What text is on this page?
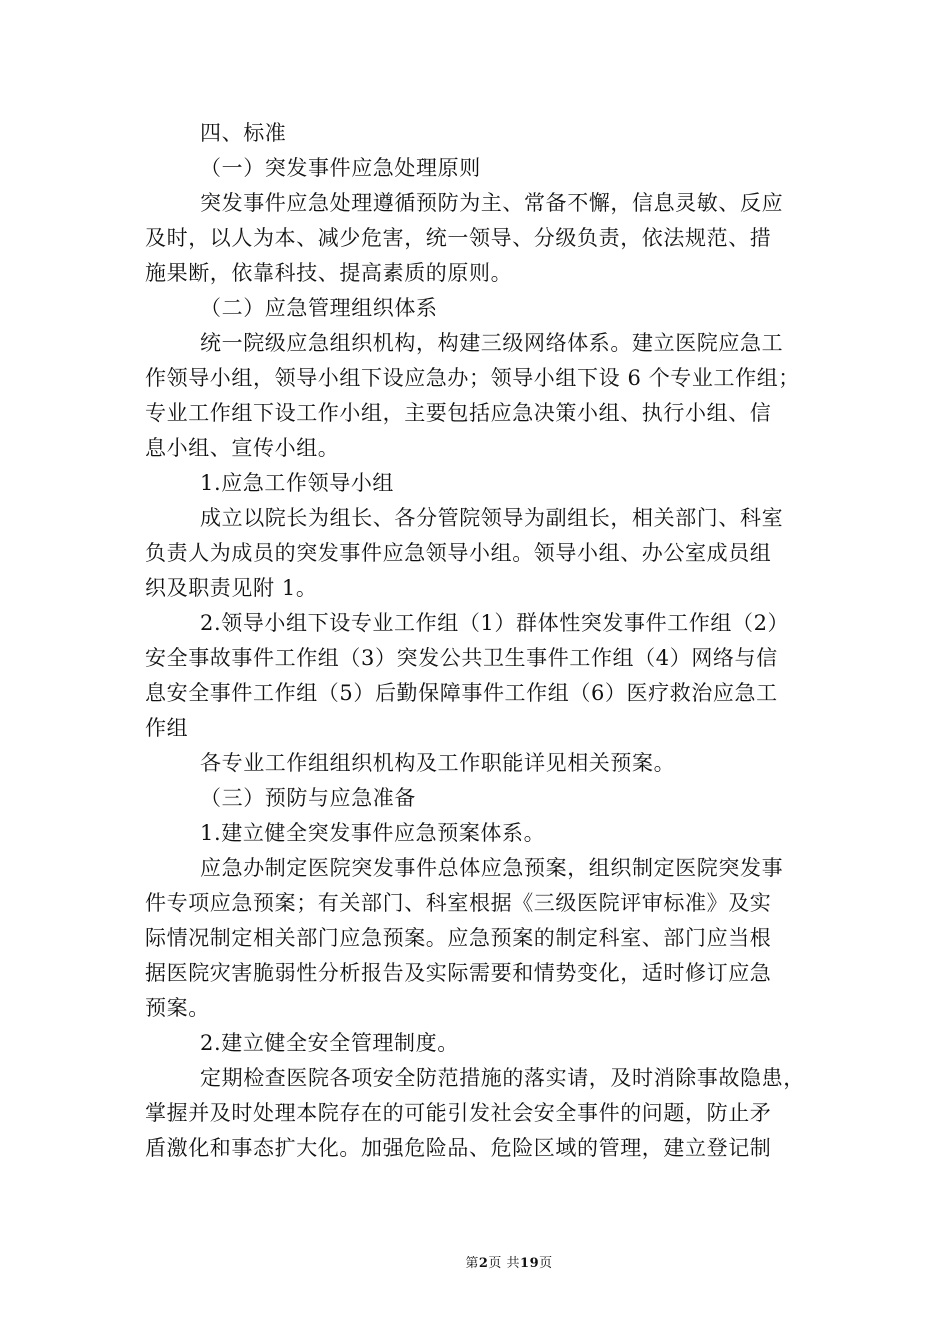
四、标准
（一）突发事件应急处理原则
突发事件应急处理遵循预防为主、常备不懈，信息灵敏、反应
及时，以人为本、减少危害，统一领导、分级负责，依法规范、措
施果断，依靠科技、提高素质的原则。
（二）应急管理组织体系
统一院级应急组织机构，构建三级网络体系。建立医院应急工
作领导小组，领导小组下设应急办；领导小组下设 6 个专业工作组；
专业工作组下设工作小组，主要包括应急决策小组、执行小组、信
息小组、宣传小组。
1.应急工作领导小组
成立以院长为组长、各分管院领导为副组长，相关部门、科室
负责人为成员的突发事件应急领导小组。领导小组、办公室成员组
织及职责见附 1。
2.领导小组下设专业工作组（1）群体性突发事件工作组（2）
安全事故事件工作组（3）突发公共卫生事件工作组（4）网络与信
息安全事件工作组（5）后勤保障事件工作组（6）医疗救治应急工
作组
各专业工作组组织机构及工作职能详见相关预案。
（三）预防与应急准备
1.建立健全突发事件应急预案体系。
应急办制定医院突发事件总体应急预案，组织制定医院突发事
件专项应急预案；有关部门、科室根据《三级医院评审标准》及实
际情况制定相关部门应急预案。应急预案的制定科室、部门应当根
据医院灾害脆弱性分析报告及实际需要和情势变化，适时修订应急
预案。
2.建立健全安全管理制度。
定期检查医院各项安全防范措施的落实请，及时消除事故隐患，
掌握并及时处理本院存在的可能引发社会安全事件的问题，防止矛
盾激化和事态扩大化。加强危险品、危险区域的管理，建立登记制
第2页 共19页
